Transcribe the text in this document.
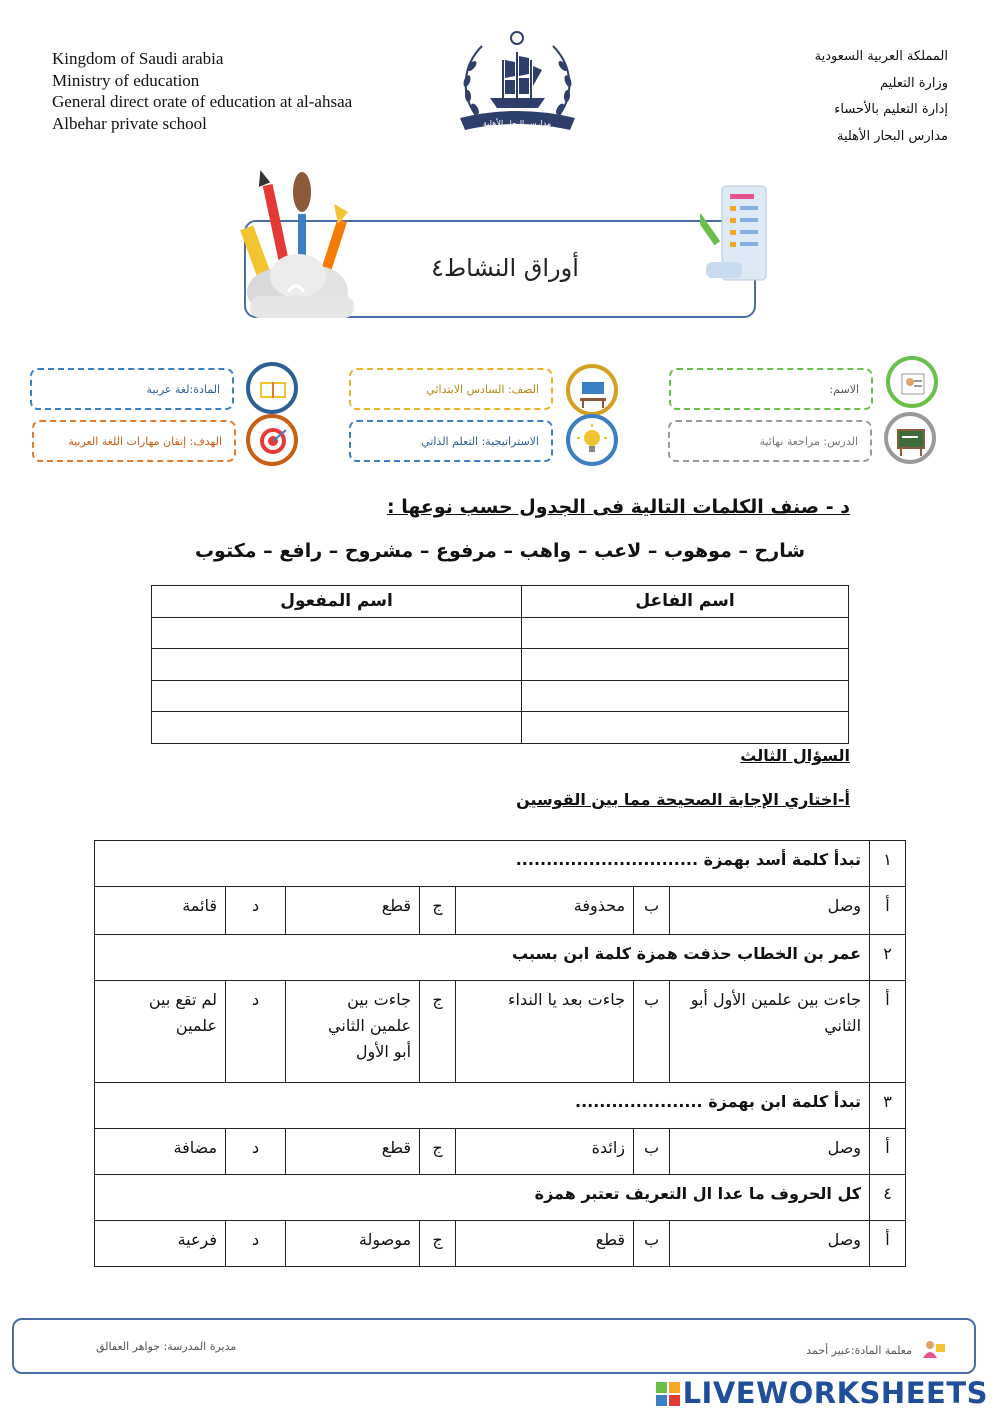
Kingdom of Saudi arabia
Ministry of education
General direct orate of education at al-ahsaa
Albehar private school	مدارس البحار الأهلية
المملكة العربية السعودية
وزارة التعليم
إدارة التعليم بالأحساء
مدارس البحار الأهلية
أوراق النشاط٤
الاسم:
الدرس: مراجعة نهائية
الصف: السادس الابتدائي
الاستراتيجية: التعلم الذاتي
المادة:لغة عربية
الهدف: إتقان مهارات اللغة العربية
د - صنف الكلمات التالية فى الجدول حسب نوعها :
شارح – موهوب – لاعب – واهب – مرفوع – مشروح – رافع – مكتوب
اسم الفاعل	اسم المفعول

السؤال الثالث
أ-اختاري الإجابة الصحيحة مما بين القوسين
١	تبدأ كلمة أسد بهمزة ..............................						
أ	وصل	ب	محذوفة	ج	قطع	د	قائمة
٢	عمر بن الخطاب حذفت همزة كلمة ابن بسبب						
أ	جاءت بين علمين الأول أبو الثاني	ب	جاءت بعد يا النداء	ج	جاءت بين علمين الثاني أبو الأول	د	لم تقع بين علمين
٣	تبدأ كلمة ابن بهمزة .....................						
أ	وصل	ب	زائدة	ج	قطع	د	مضافة
٤	كل الحروف ما عدا ال التعريف تعتبر همزة						
أ	وصل	ب	قطع	ج	موصولة	د	فرعية
معلمة المادة:عبير أحمد
مديرة المدرسة: جواهر العفالق
LIVEWORKSHEETS
